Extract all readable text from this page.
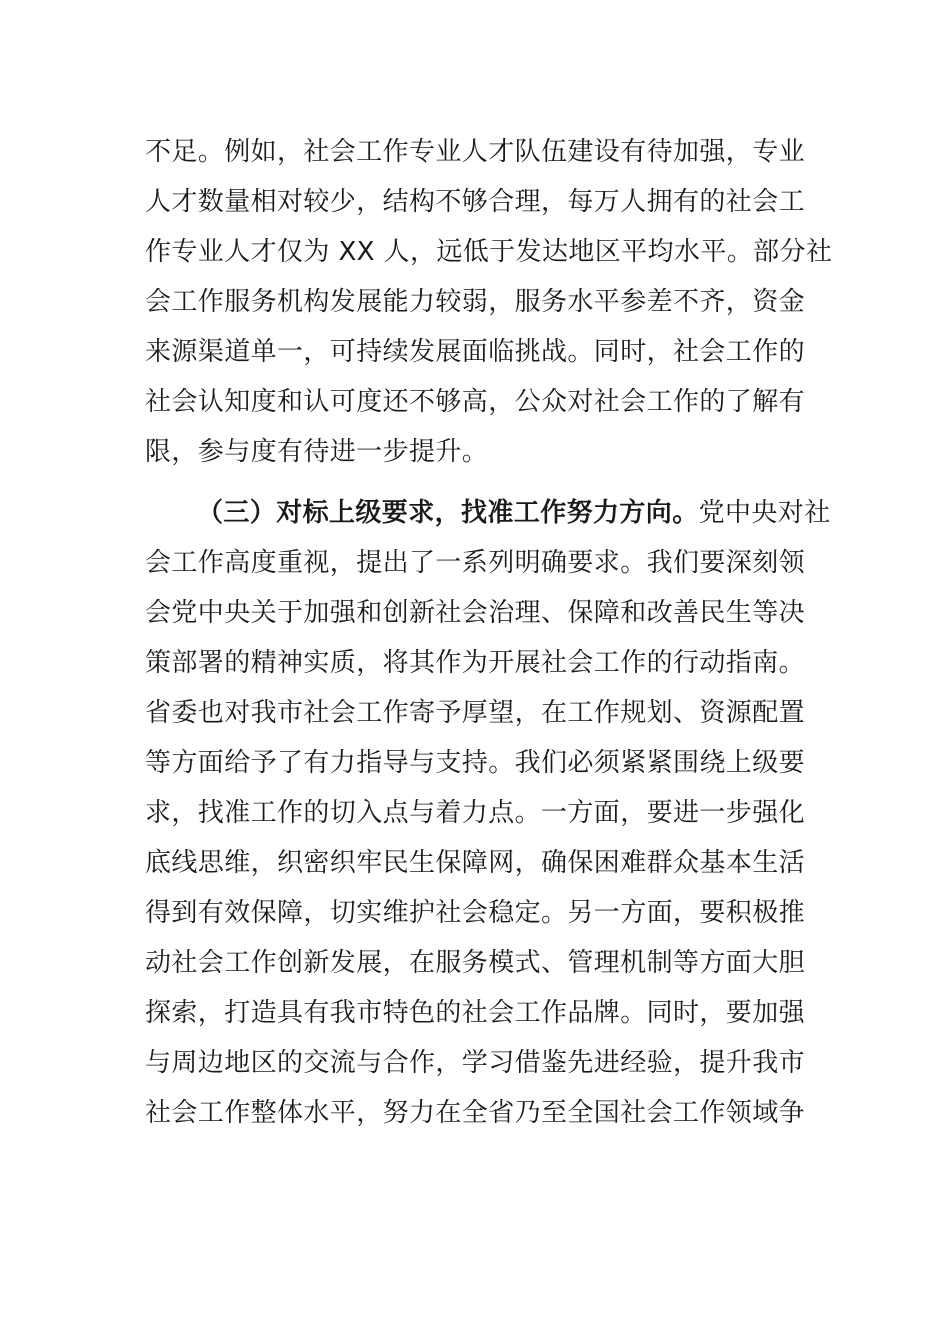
不足。例如，社会工作专业人才队伍建设有待加强，专业
人才数量相对较少，结构不够合理，每万人拥有的社会工
作专业人才仅为 XX 人，远低于发达地区平均水平。部分社
会工作服务机构发展能力较弱，服务水平参差不齐，资金
来源渠道单一，可持续发展面临挑战。同时，社会工作的
社会认知度和认可度还不够高，公众对社会工作的了解有
限，参与度有待进一步提升。
（三）对标上级要求，找准工作努力方向。党中央对社
会工作高度重视，提出了一系列明确要求。我们要深刻领
会党中央关于加强和创新社会治理、保障和改善民生等决
策部署的精神实质，将其作为开展社会工作的行动指南。
省委也对我市社会工作寄予厚望，在工作规划、资源配置
等方面给予了有力指导与支持。我们必须紧紧围绕上级要
求，找准工作的切入点与着力点。一方面，要进一步强化
底线思维，织密织牢民生保障网，确保困难群众基本生活
得到有效保障，切实维护社会稳定。另一方面，要积极推
动社会工作创新发展，在服务模式、管理机制等方面大胆
探索，打造具有我市特色的社会工作品牌。同时，要加强
与周边地区的交流与合作，学习借鉴先进经验，提升我市
社会工作整体水平，努力在全省乃至全国社会工作领域争
